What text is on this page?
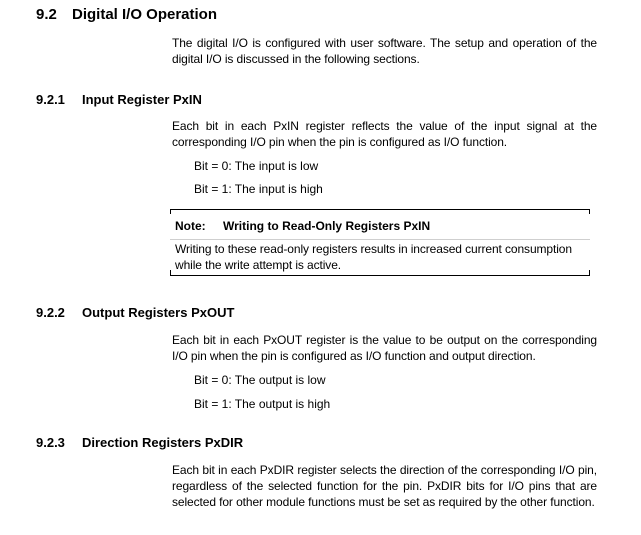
9.2 Digital I/O Operation
The digital I/O is configured with user software. The setup and operation of the digital I/O is discussed in the following sections.
9.2.1 Input Register PxIN
Each bit in each PxIN register reflects the value of the input signal at the corresponding I/O pin when the pin is configured as I/O function.
Bit = 0: The input is low
Bit = 1: The input is high
Note: Writing to Read-Only Registers PxIN
Writing to these read-only registers results in increased current consumption while the write attempt is active.
9.2.2 Output Registers PxOUT
Each bit in each PxOUT register is the value to be output on the corresponding I/O pin when the pin is configured as I/O function and output direction.
Bit = 0: The output is low
Bit = 1: The output is high
9.2.3 Direction Registers PxDIR
Each bit in each PxDIR register selects the direction of the corresponding I/O pin, regardless of the selected function for the pin. PxDIR bits for I/O pins that are selected for other module functions must be set as required by the other function.
